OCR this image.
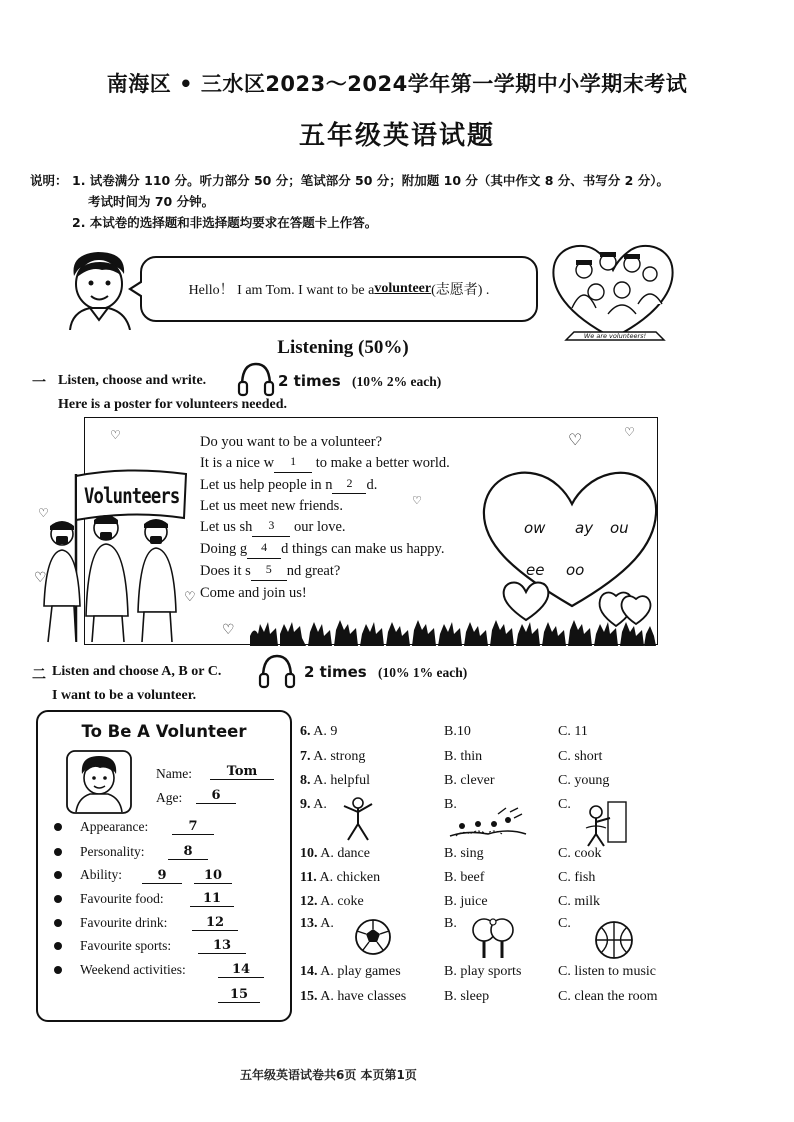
南海区 • 三水区2023～2024学年第一学期中小学期末考试
五年级英语试题
说明： 1. 试卷满分 110 分。听力部分 50 分；笔试部分 50 分；附加题 10 分（其中作文 8 分、书写分 2 分）。
考试时间为 70 分钟。
2. 本试卷的选择题和非选择题均要求在答题卡上作答。
Hello！ I am Tom. I want to be a volunteer (志愿者) .
We are volunteers!
Listening (50%)
一 Listen, choose and write.	2 times (10% 2% each)
Here is a poster for volunteers needed.
Volunteers
♡	♡	♡
♡
♡
♡
♡
♡
Do you want to be a volunteer?
It is a nice w 1 to make a better world.
Let us help people in n 2 d.
Let us meet new friends.
Let us sh 3 our love.
Doing g 4 d things can make us happy.
Does it s 5 nd great?
Come and join us!
ow ay ou
ee oo
二 Listen and choose A, B or C.	2 times (10% 1% each)
I want to be a volunteer.
To Be A Volunteer
Name:	Tom
Age:	6
Appearance:	7
Personality:	8
Ability:	9	10
Favourite food:	11
Favourite drink:	12
Favourite sports:	13
Weekend activities:	14
15
6. A. 9	B.10	C. 11
7. A. strong	B. thin	C. short
8. A. helpful	B. clever	C. young
9. A.	B.	C.
10. A. dance	B. sing	C. cook
11. A. chicken	B. beef	C. fish
12. A. coke	B. juice	C. milk
13. A.	B.	C.
14. A. play games	B. play sports	C. listen to music
15. A. have classes	B. sleep	C. clean the room
五年级英语试卷共6页 本页第1页
